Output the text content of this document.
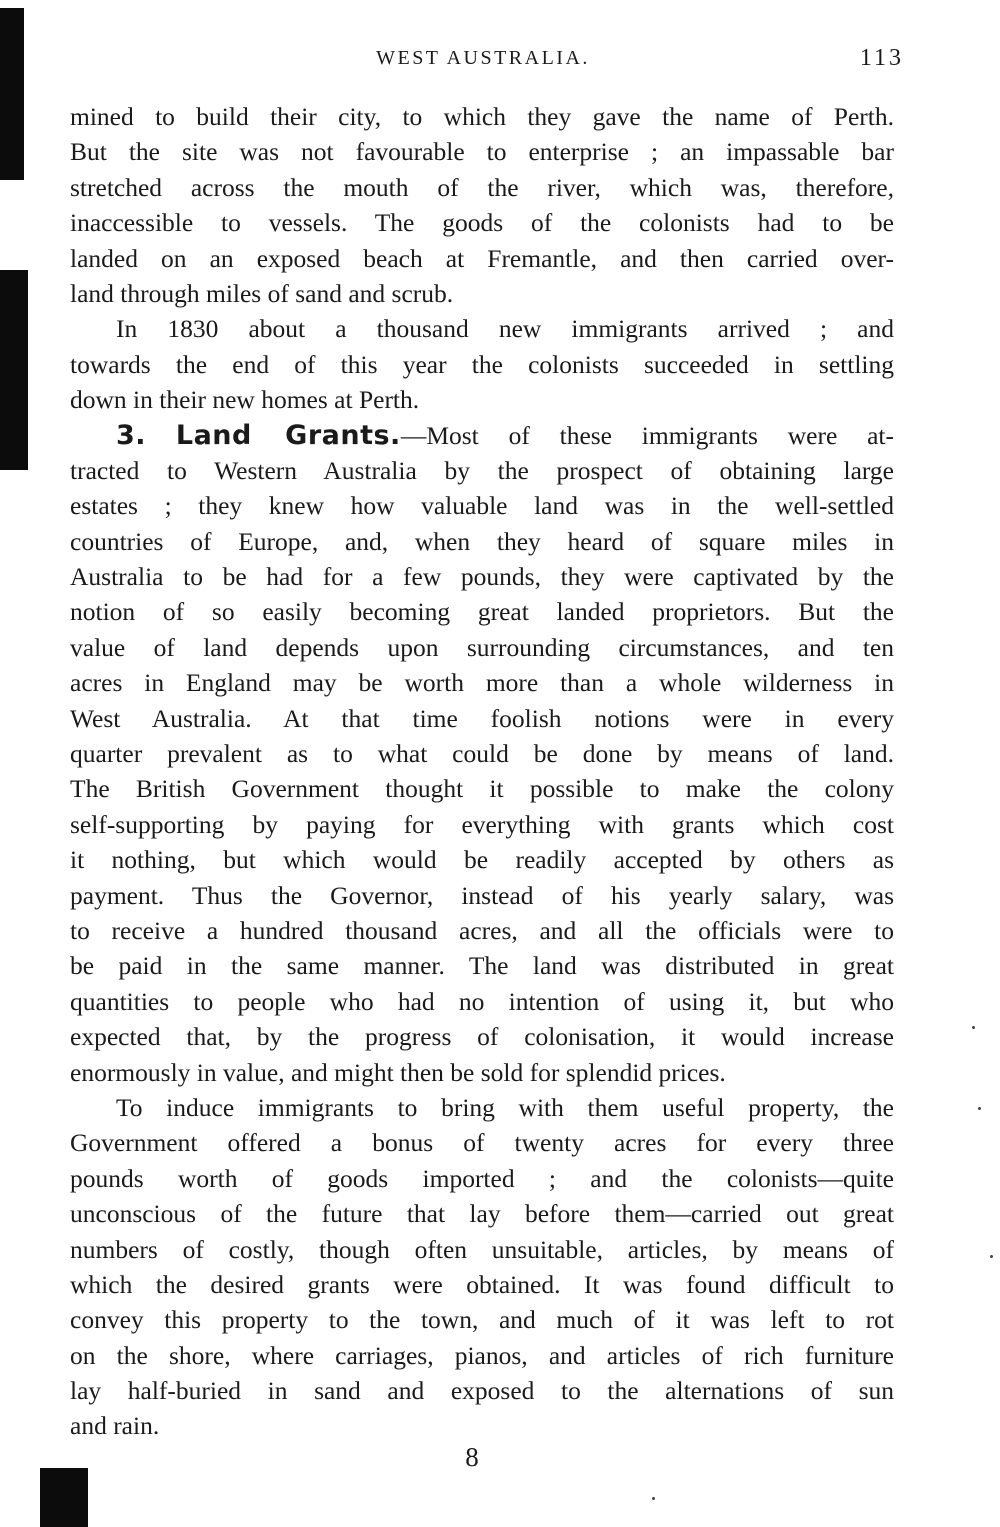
WEST AUSTRALIA.	113
mined to build their city, to which they gave the name of Perth.
But the site was not favourable to enterprise ; an impassable bar
stretched across the mouth of the river, which was, therefore,
inaccessible to vessels. The goods of the colonists had to be
landed on an exposed beach at Fremantle, and then carried over-
land through miles of sand and scrub.
In 1830 about a thousand new immigrants arrived ; and
towards the end of this year the colonists succeeded in settling
down in their new homes at Perth.
3. Land Grants.—Most of these immigrants were at-
tracted to Western Australia by the prospect of obtaining large
estates ; they knew how valuable land was in the well-settled
countries of Europe, and, when they heard of square miles in
Australia to be had for a few pounds, they were captivated by the
notion of so easily becoming great landed proprietors. But the
value of land depends upon surrounding circumstances, and ten
acres in England may be worth more than a whole wilderness in
West Australia. At that time foolish notions were in every
quarter prevalent as to what could be done by means of land.
The British Government thought it possible to make the colony
self-supporting by paying for everything with grants which cost
it nothing, but which would be readily accepted by others as
payment. Thus the Governor, instead of his yearly salary, was
to receive a hundred thousand acres, and all the officials were to
be paid in the same manner. The land was distributed in great
quantities to people who had no intention of using it, but who
expected that, by the progress of colonisation, it would increase
enormously in value, and might then be sold for splendid prices.
To induce immigrants to bring with them useful property, the
Government offered a bonus of twenty acres for every three
pounds worth of goods imported ; and the colonists—quite
unconscious of the future that lay before them—carried out great
numbers of costly, though often unsuitable, articles, by means of
which the desired grants were obtained. It was found difficult to
convey this property to the town, and much of it was left to rot
on the shore, where carriages, pianos, and articles of rich furniture
lay half-buried in sand and exposed to the alternations of sun
and rain.
8
